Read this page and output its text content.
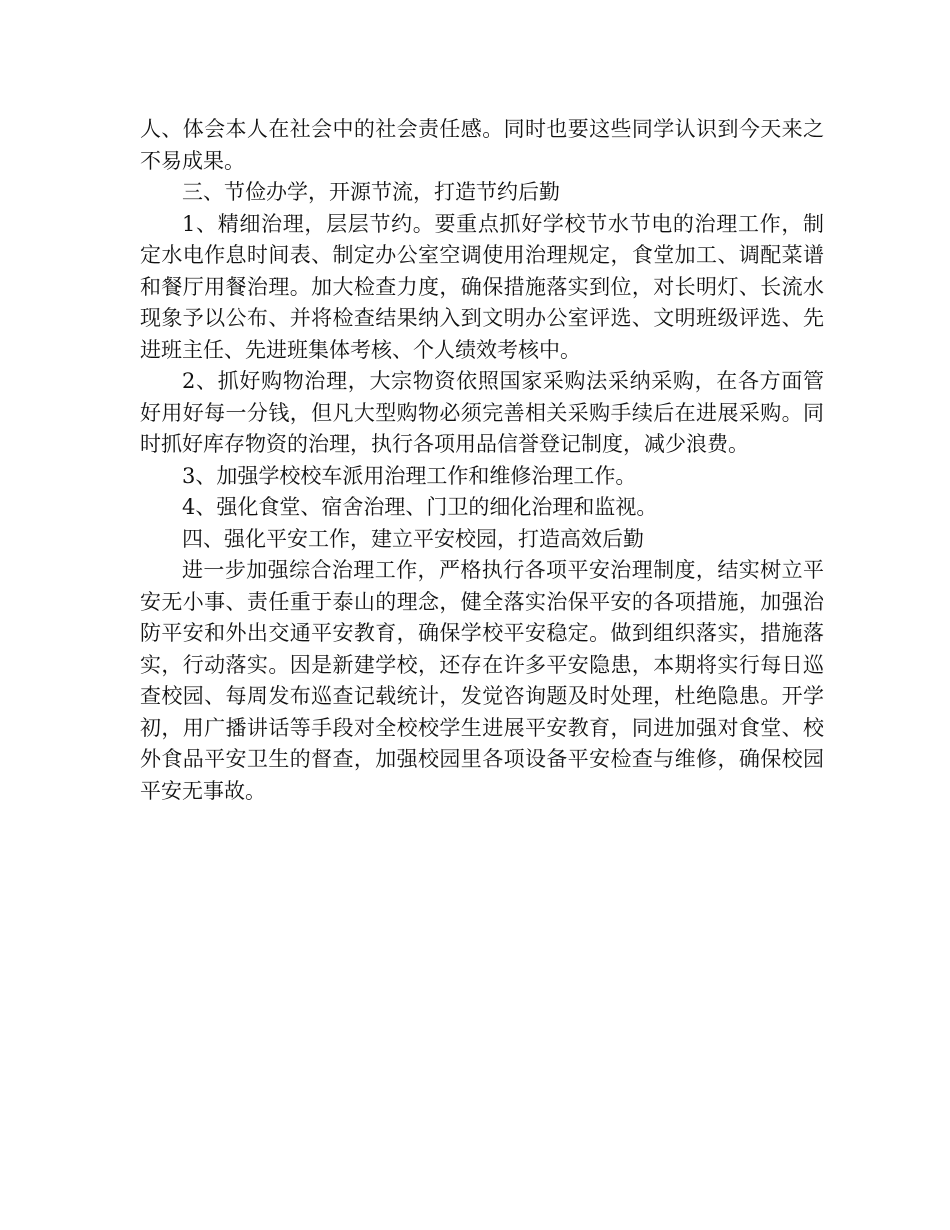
人、体会本人在社会中的社会责任感。同时也要这些同学认识到今天来之不易成果。

三、节俭办学，开源节流，打造节约后勤

1、精细治理，层层节约。要重点抓好学校节水节电的治理工作，制定水电作息时间表、制定办公室空调使用治理规定，食堂加工、调配菜谱和餐厅用餐治理。加大检查力度，确保措施落实到位，对长明灯、长流水现象予以公布、并将检查结果纳入到文明办公室评选、文明班级评选、先进班主任、先进班集体考核、个人绩效考核中。

2、抓好购物治理，大宗物资依照国家采购法采纳采购，在各方面管好用好每一分钱，但凡大型购物必须完善相关采购手续后在进展采购。同时抓好库存物资的治理，执行各项用品信誉登记制度，减少浪费。

3、加强学校校车派用治理工作和维修治理工作。

4、强化食堂、宿舍治理、门卫的细化治理和监视。

四、强化平安工作，建立平安校园，打造高效后勤

进一步加强综合治理工作，严格执行各项平安治理制度，结实树立平安无小事、责任重于泰山的理念，健全落实治保平安的各项措施，加强治防平安和外出交通平安教育，确保学校平安稳定。做到组织落实，措施落实，行动落实。因是新建学校，还存在许多平安隐患，本期将实行每日巡查校园、每周发布巡查记载统计，发觉咨询题及时处理，杜绝隐患。开学初，用广播讲话等手段对全校校学生进展平安教育，同进加强对食堂、校外食品平安卫生的督查，加强校园里各项设备平安检查与维修，确保校园平安无事故。
